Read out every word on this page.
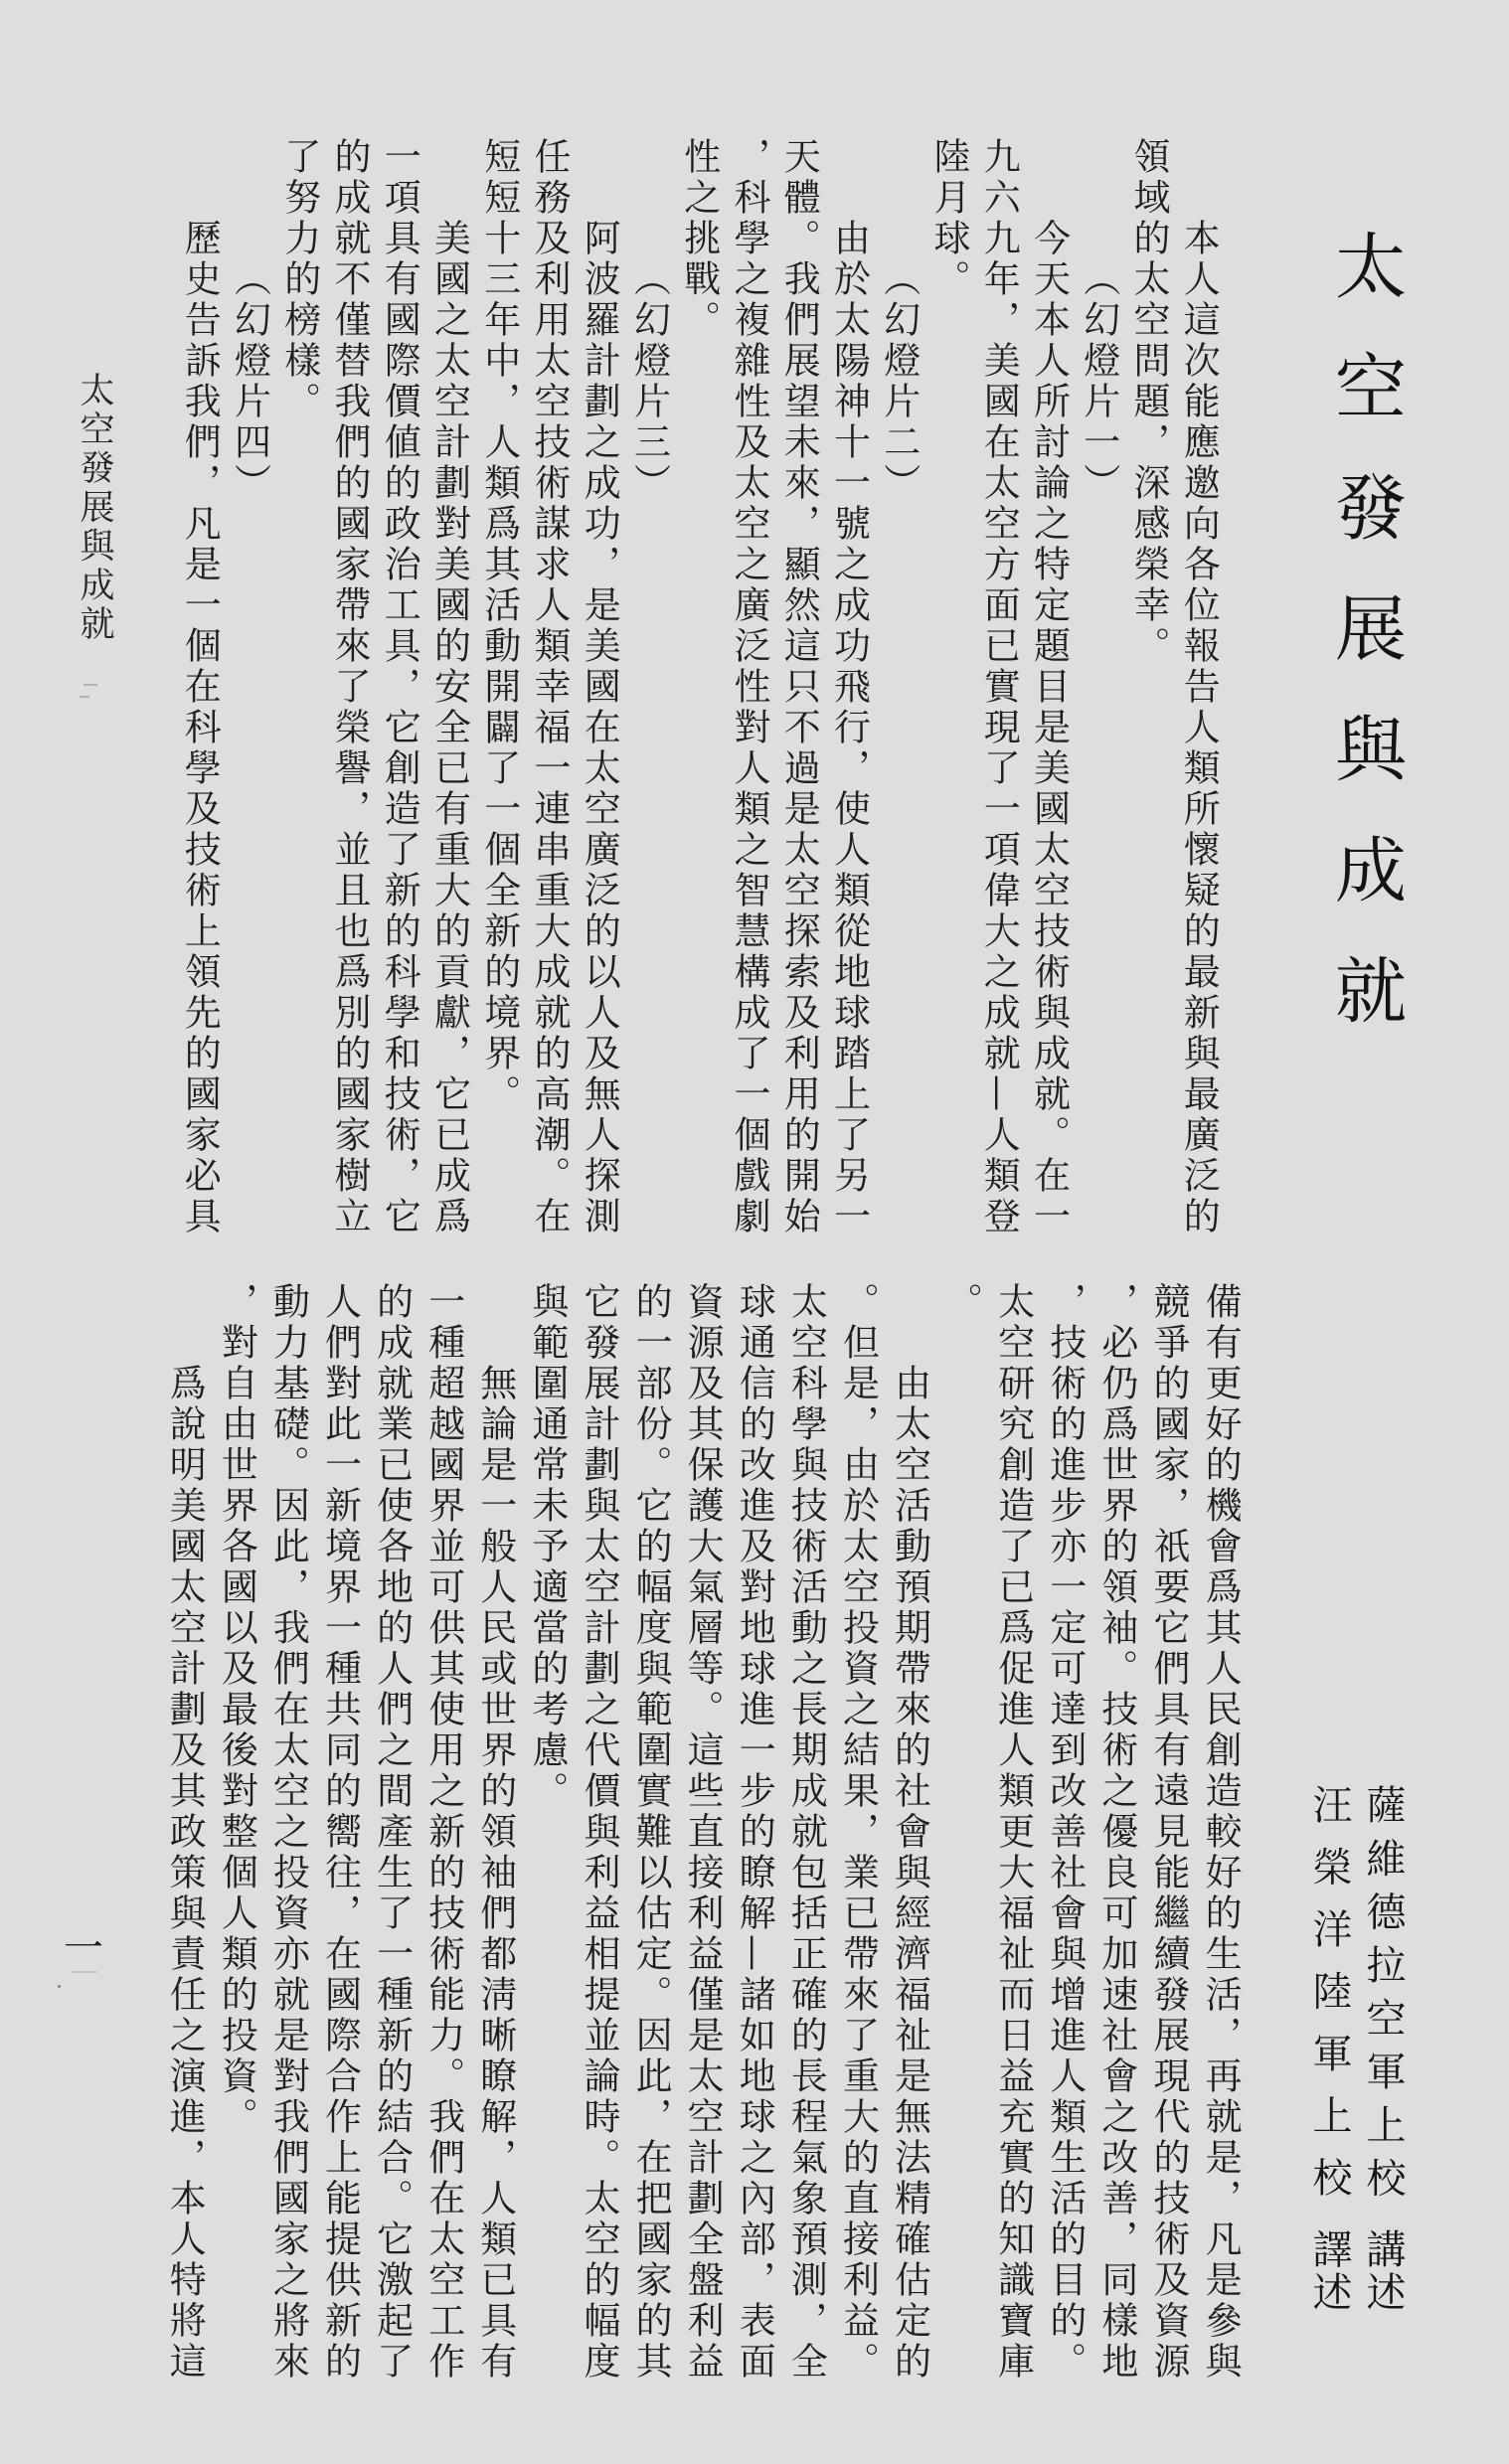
太空發展與成就
薩維德拉空軍上校
講述
汪榮洋陸軍上校
譯述
本人這次能應邀向各位報告人類所懷疑的最新與最廣泛的
領域的太空問題，深感榮幸。
（幻燈片一）
今天本人所討論之特定題目是美國太空技術與成就。在一
九六九年，美國在太空方面已實現了一項偉大之成就—人類登
陸月球。
（幻燈片二）
由於太陽神十一號之成功飛行，使人類從地球踏上了另一
天體。我們展望未來，顯然這只不過是太空探索及利用的開始
，科學之複雜性及太空之廣泛性對人類之智慧構成了一個戲劇
性之挑戰。
（幻燈片三）
阿波羅計劃之成功，是美國在太空廣泛的以人及無人探測
任務及利用太空技術謀求人類幸福一連串重大成就的高潮。在
短短十三年中，人類爲其活動開闢了一個全新的境界。
美國之太空計劃對美國的安全已有重大的貢獻，它已成爲
一項具有國際價値的政治工具，它創造了新的科學和技術，它
的成就不僅替我們的國家帶來了榮譽，並且也爲別的國家樹立
了努力的榜樣。
（幻燈片四）
歷史告訴我們，凡是一個在科學及技術上領先的國家必具
備有更好的機會爲其人民創造較好的生活，再就是，凡是參與
競爭的國家，祇要它們具有遠見能繼續發展現代的技術及資源
，必仍爲世界的領袖。技術之優良可加速社會之改善，同樣地
，技術的進步亦一定可達到改善社會與增進人類生活的目的。
太空研究創造了已爲促進人類更大福祉而日益充實的知識寶庫
。
由太空活動預期帶來的社會與經濟福祉是無法精確估定的
。但是，由於太空投資之結果，業已帶來了重大的直接利益。
太空科學與技術活動之長期成就包括正確的長程氣象預測，全
球通信的改進及對地球進一步的瞭解—諸如地球之內部，表面
資源及其保護大氣層等。這些直接利益僅是太空計劃全盤利益
的一部份。它的幅度與範圍實難以估定。因此，在把國家的其
它發展計劃與太空計劃之代價與利益相提並論時。太空的幅度
與範圍通常未予適當的考慮。
無論是一般人民或世界的領袖們都淸晰瞭解，人類已具有
一種超越國界並可供其使用之新的技術能力。我們在太空工作
的成就業已使各地的人們之間產生了一種新的結合。它激起了
人們對此一新境界一種共同的嚮往，在國際合作上能提供新的
動力基礎。因此，我們在太空之投資亦就是對我們國家之將來
，對自由世界各國以及最後對整個人類的投資。
爲說明美國太空計劃及其政策與責任之演進，本人特將這
太空發展與成就
一
